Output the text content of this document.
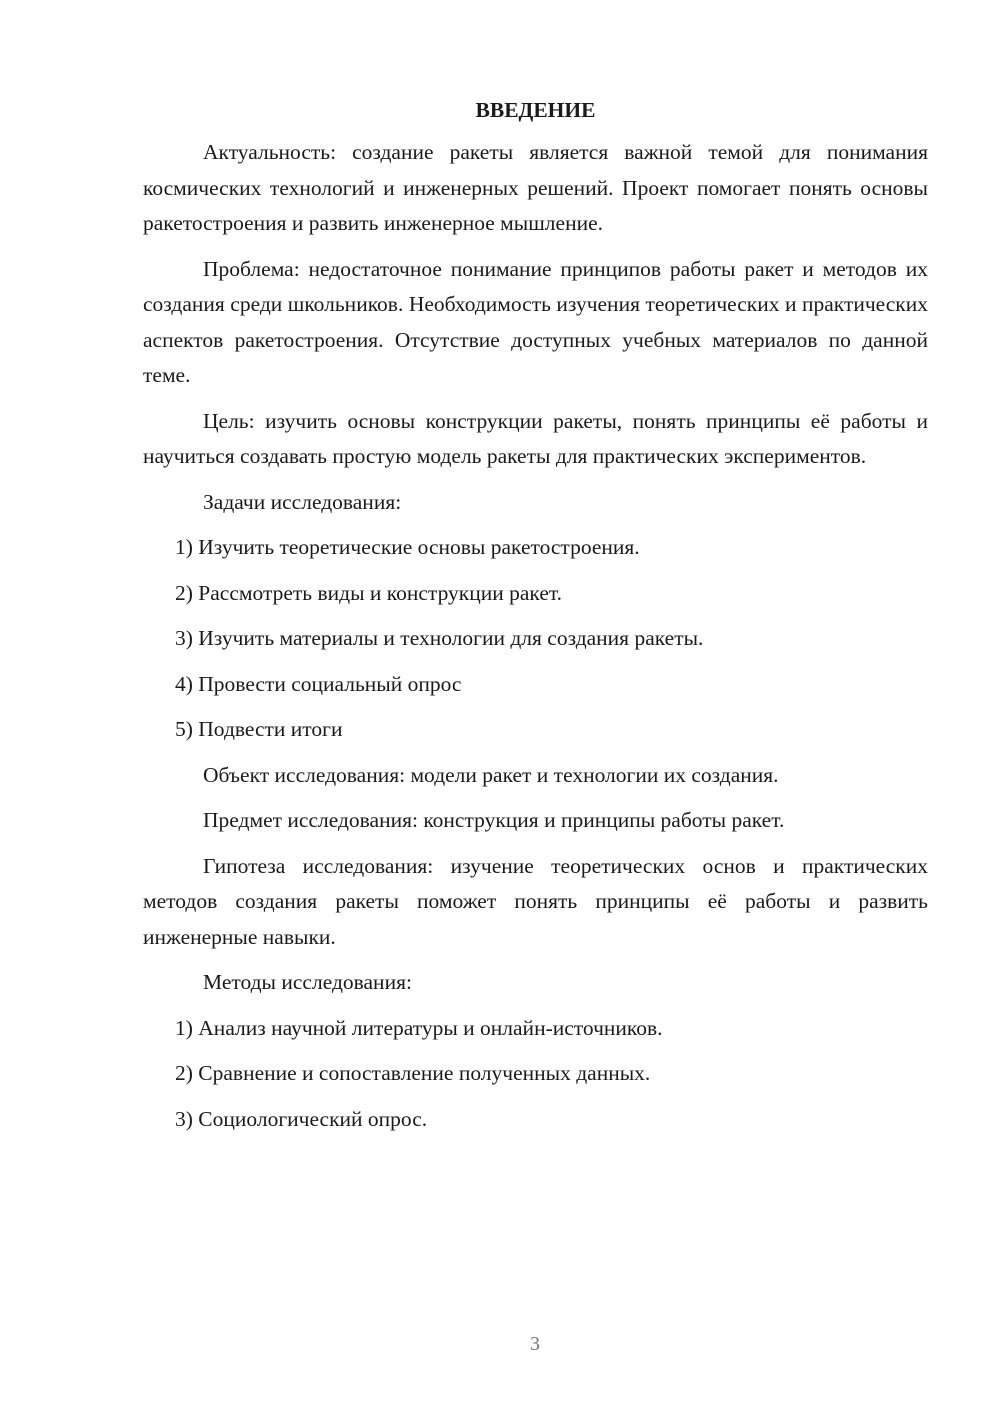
ВВЕДЕНИЕ

Актуальность: создание ракеты является важной темой для понимания космических технологий и инженерных решений. Проект помогает понять основы ракетостроения и развить инженерное мышление.

Проблема: недостаточное понимание принципов работы ракет и методов их создания среди школьников. Необходимость изучения теоретических и практических аспектов ракетостроения. Отсутствие доступных учебных материалов по данной теме.

Цель: изучить основы конструкции ракеты, понять принципы её работы и научиться создавать простую модель ракеты для практических экспериментов.

Задачи исследования:

1) Изучить теоретические основы ракетостроения.

2) Рассмотреть виды и конструкции ракет.

3) Изучить материалы и технологии для создания ракеты.

4) Провести социальный опрос

5) Подвести итоги

Объект исследования: модели ракет и технологии их создания.

Предмет исследования: конструкция и принципы работы ракет.

Гипотеза исследования: изучение теоретических основ и практических методов создания ракеты поможет понять принципы её работы и развить инженерные навыки.

Методы исследования:

1) Анализ научной литературы и онлайн-источников.

2) Сравнение и сопоставление полученных данных.

3) Социологический опрос.

3
